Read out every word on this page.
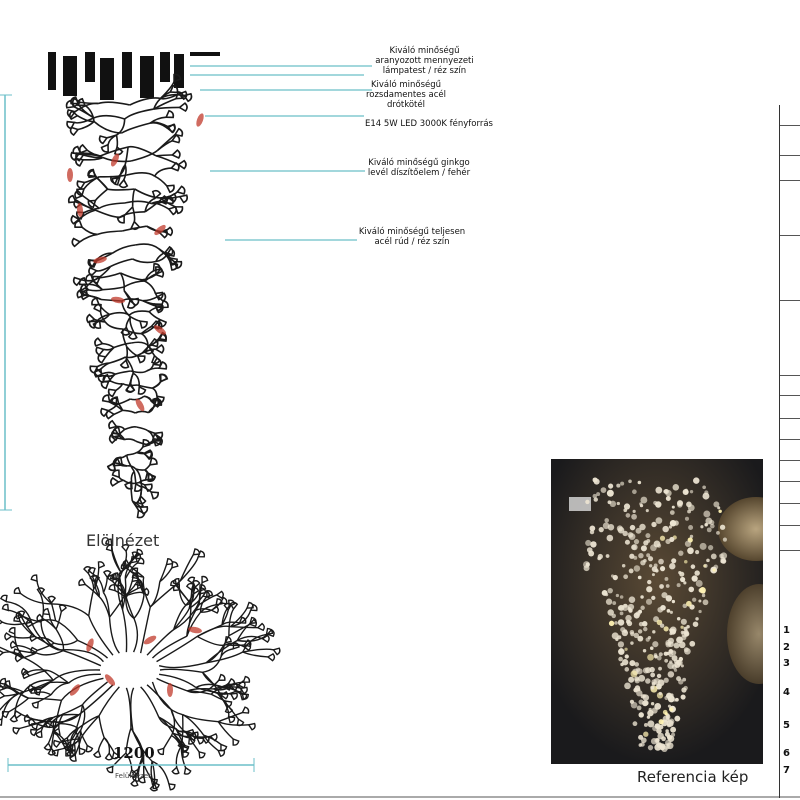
Kiváló minőségű aranyozott mennyezeti lámpatest / réz szín
Kiváló minőségű rozsdamentes acél drótkötél
E14 5W LED 3000K fényforrás
Kiváló minőségű ginkgo levél díszítőelem / fehér
Kiváló minőségű teljesen acél rúd / réz szín
Elölnézet
1200
Felülnézet	Referencia kép
1
2
3
4
5
6
7
